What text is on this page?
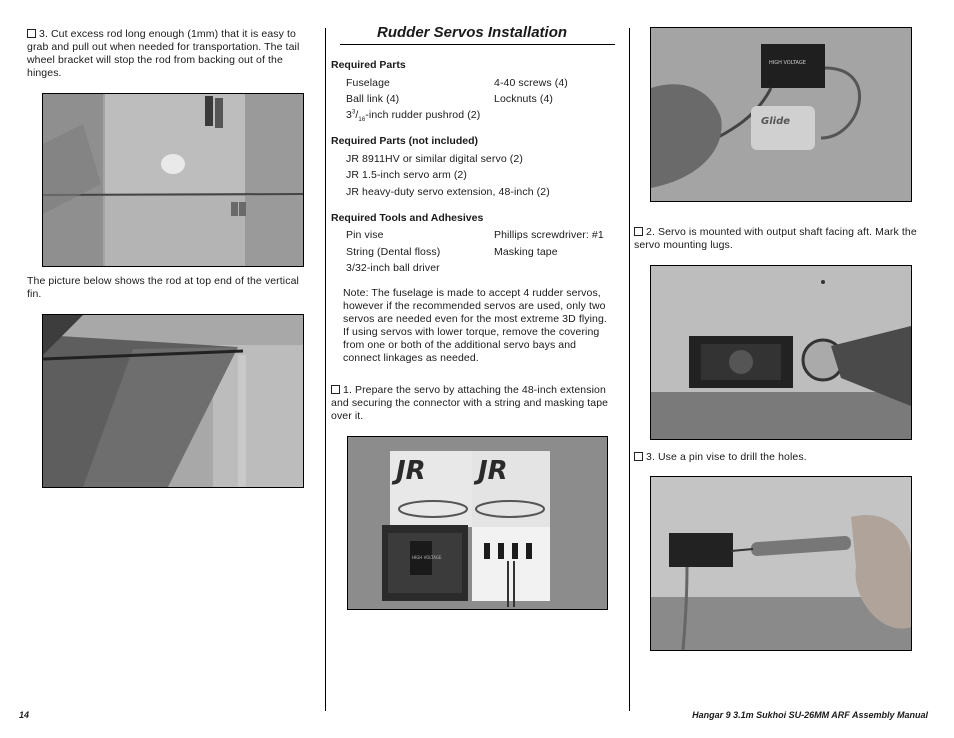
3. Cut excess rod long enough (1mm) that it is easy to grab and pull out when needed for transportation. The tail wheel bracket will stop the rod from backing out of the hinges.
The picture below shows the rod at top end of the vertical fin.
Rudder Servos Installation
Required Parts
Fuselage	4-40 screws (4)
Ball link (4)	Locknuts (4)
$3^3/_{16}$-inch rudder pushrod (2)
Required Parts (not included)
JR 8911HV or similar digital servo (2)
JR 1.5-inch servo arm (2)
JR heavy-duty servo extension, 48-inch (2)
Required Tools and Adhesives
Pin vise	Phillips screwdriver: #1
String (Dental floss)	Masking tape
3/32-inch ball driver
Note: The fuselage is made to accept 4 rudder servos, however if the recommended servos are used, only two servos are needed even for the most extreme 3D flying. If using servos with lower torque, remove the covering from one or both of the additional servo bays and connect linkages as needed.
1. Prepare the servo by attaching the 48-inch extension and securing the connector with a string and masking tape over it.
JR JR
HIGH VOLTAGE
HIGH VOLTAGE
Glide
2. Servo is mounted with output shaft facing aft. Mark the servo mounting lugs.
3. Use a pin vise to drill the holes.
14	Hangar 9 3.1m Sukhoi SU-26MM ARF Assembly Manual
